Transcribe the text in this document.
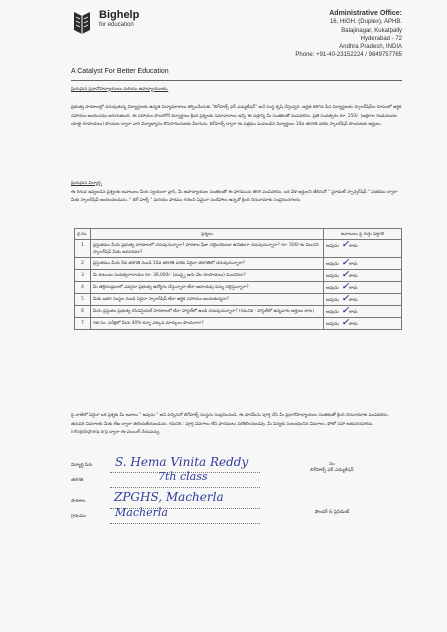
Bighelp
for education
A Catalyst For Better Education
Administrative Office:
16, HIGH. (Duplex), APHB.
Balajinagar, Kukatpally
Hyderabad - 72
Andhra Pradesh, INDIA
Phone: +91-40-23152224 / 9849757765
ప్రియమైన ప్రధానోపాధ్యాయులు మరియు ఉపాధ్యాయులకు,
ప్రభుత్వ పాఠశాలల్లో చదువుతున్న విద్యార్థులకు ఉన్నత విద్యావకాశాలు కల్పించేందుకు "బిగ్‌హెల్ప్ ఫర్ ఎడ్యుకేషన్" అనే సంస్థ కృషి చేస్తున్నది. అర్హత కలిగిన పేద విద్యార్థులకు స్కాలర్‌షిప్‌ల రూపంలో ఆర్థిక సహాయం అందించడం జరుగుతుంది. ఈ సహాయం పొందగోరే విద్యార్థులు క్రింది ప్రశ్నలకు సమాధానాలు ఇచ్చి ఈ పత్రాన్ని మీ సంతకంతో పంపవలెను. ప్రతి సంవత్సరం రూ. 250/- (అక్షరాల రెండువందల యాభై రూపాయలు) పొందుట ద్వారా వారి విద్యాభ్యాసం కొనసాగించుటకు వీలగును. బిగ్‌హెల్ప్ ద్వారా ఈ పత్రము పంపబడిన విద్యార్థులు 10వ తరగతి వరకు స్కాలర్‌షిప్ పొందుటకు అర్హులు.
ప్రియమైన విద్యార్థి,
ఈ దిగువ ఇవ్వబడిన ప్రశ్నలకు జవాబులు మీరు స్వయంగా వ్రాసి, మీ ఉపాధ్యాయుల సంతకంతో ఈ ఫారమును తిరిగి పంపవలెను. ఒక వేళ అర్హులని తేలినచో " స్టూడెంట్ స్పాన్సర్‌షిప్ " పథకము ద్వారా మీకు స్కాలర్‌షిప్ అందించబడును. " బిగ్ హెల్ప్ " మరియు ఫారము గురించి ఏమైనా సందేహాలు ఉన్నచో క్రింది చిరునామాకు సంప్రదించగలరు.
క్ర.సం.	ప్రశ్నలు	జవాబులు పై గుర్తు పెట్టాలి
1	ప్రస్తుతము మీరు ప్రభుత్వ పాఠశాలలో చదువుచున్నారా? పాఠశాల ఫీజు చెల్లించకుండా ఉచితంగా చదువుచున్నారా? రూ. 500/-కు మించని స్కాలర్‌షిప్ మీకు అవసరమా?	అవును ✓కాదు
2	ప్రస్తుతము మీరు 6వ తరగతి నుండి 10వ తరగతి వరకు ఏదైనా తరగతిలో చదువుచున్నారా?	అవును ✓కాదు
3	మీ కుటుంబ సంవత్సరాదాయం రూ. 36,000/- (ముప్పై ఆరు వేల రూపాయలు) మించనిదా?	అవును ✓కాదు
4	మీ తల్లిదండ్రులలో ఎవరైనా ప్రభుత్వ ఉద్యోగం చేస్తున్నారా లేదా ఆదాయపు పన్ను చెల్లిస్తున్నారా?	అవును ✓కాదు
5	మీకు ఇతర సంస్థల నుండి ఏదైనా స్కాలర్‌షిప్ లేదా ఆర్థిక సహాయం అందుతున్నదా?	అవును ✓కాదు
6	మీరు ప్రస్తుతం ప్రభుత్వ రెసిడెన్షియల్ పాఠశాలలో లేదా హాస్టల్‌లో ఉండి చదువుచున్నారా? (గమనిక - హాస్టల్‌లో ఉన్నవారు అర్హులు కారు)	అవును ✓కాదు
7	గత సం. పరీక్షలో మీరు 40% కన్నా ఎక్కువ మార్కులు పొందినారా?	అవును ✓కాదు
పై వాటిలో ఏదైనా ఒక ప్రశ్నకు మీ జవాబు " అవును " అని వచ్చినచో బిగ్‌హెల్ప్ సంస్థను సంప్రదించండి. ఈ ఫారమ్‌ను పూర్తి చేసి మీ ప్రధానోపాధ్యాయుల సంతకంతో క్రింది చిరునామాకు పంపవలెను. తదుపరి వివరాలకు మీకు లేఖ ద్వారా తెలియజేయబడును. గమనిక : పూర్తి వివరాలు లేని ఫారములు పరిశీలించబడవు. మీ విద్యకు సంబంధించిన వివరాలు, ఫోటో సహా జతపరచవలెను. info@bighelp.org ద్వారా ఈ-మెయిల్ చేయవచ్చు.
విద్యార్థి పేరు S. Hema Vinita Reddy
తరగతి	7th class
పాఠశాల ZPGHS, Macherla
గ్రామము	Macherla
సం
బిగ్‌హెల్ప్ ఫర్ ఎడ్యుకేషన్
ఫౌండర్ & ప్రెసిడెంట్
